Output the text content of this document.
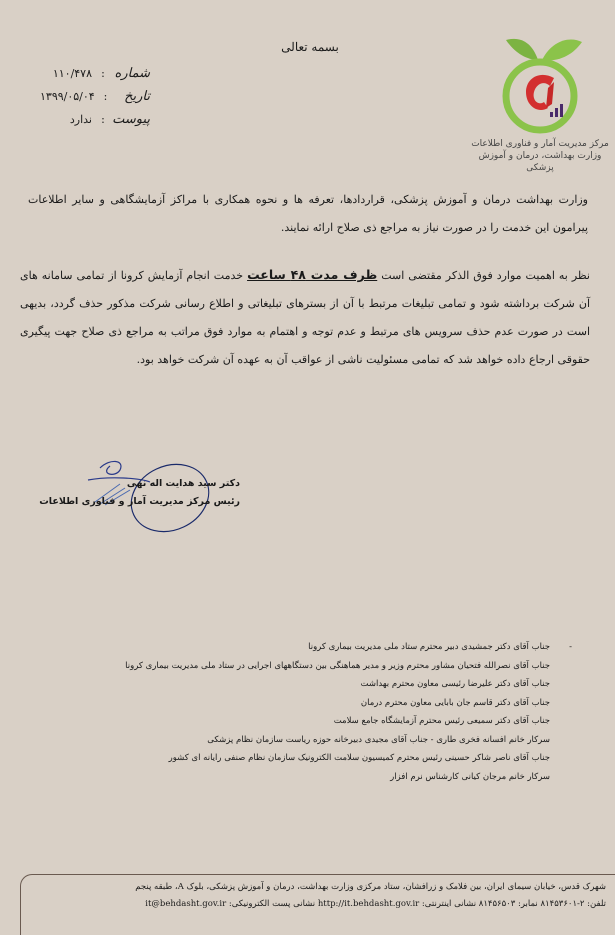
مرکز مدیریت آمار و فناوری اطلاعات
وزارت بهداشت، درمان و آموزش پزشکی
بسمه تعالی
شماره
:
۱۱۰/۴۷۸
تاریخ
:
۱۳۹۹/۰۵/۰۴
پیوست
:
ندارد
وزارت بهداشت درمان و آموزش پزشکی، قراردادها، تعرفه ها و نحوه همکاری با مراکز آزمایشگاهی و سایر اطلاعات پیرامون این خدمت را در صورت نیاز به مراجع ذی صلاح ارائه نمایند.
نظر به اهمیت موارد فوق الذکر مقتضی است ظرف مدت ۴۸ ساعت خدمت انجام آزمایش کرونا از تمامی سامانه های آن شرکت برداشته شود و تمامی تبلیغات مرتبط با آن از بسترهای تبلیغاتی و اطلاع رسانی شرکت مذکور حذف گردد، بدیهی است در صورت عدم حذف سرویس های مرتبط و عدم توجه و اهتمام به موارد فوق مراتب به مراجع ذی صلاح جهت پیگیری حقوقی ارجاع داده خواهد شد که تمامی مسئولیت ناشی از عواقب آن به عهده آن شرکت خواهد بود.
دکتر سید هدایت اله نهی
رئیس مرکز مدیریت آمار و فناوری اطلاعات
-
جناب آقای دکتر جمشیدی دبیر محترم ستاد ملی مدیریت بیماری کرونا
جناب آقای نصرالله فتحیان مشاور محترم وزیر و مدیر هماهنگی بین دستگاههای اجرایی در ستاد ملی مدیریت بیماری کرونا
جناب آقای دکتر علیرضا رئیسی معاون محترم بهداشت
جناب آقای دکتر قاسم جان بابایی معاون محترم درمان
جناب آقای دکتر سمیعی رئیس محترم آزمایشگاه جامع سلامت
سرکار خانم افسانه فخری طاری - جناب آقای مجیدی دبیرخانه حوزه ریاست سازمان نظام پزشکی
جناب آقای ناصر شاکر حسینی رئیس محترم کمیسیون سلامت الکترونیک سازمان نظام صنفی رایانه ای کشور
سرکار خانم مرجان کیانی کارشناس نرم افزار
شهرک قدس، خیابان سیمای ایران، بین فلامک و زرافشان، ستاد مرکزی وزارت بهداشت، درمان و آموزش پزشکی، بلوک A، طبقه پنجم
تلفن: ۲-۸۱۴۵۳۶۰۱ نمابر: ۸۱۴۵۶۵۰۳ نشانی اینترنتی: http://it.behdasht.gov.ir نشانی پست الکترونیکی: it@behdasht.gov.ir
